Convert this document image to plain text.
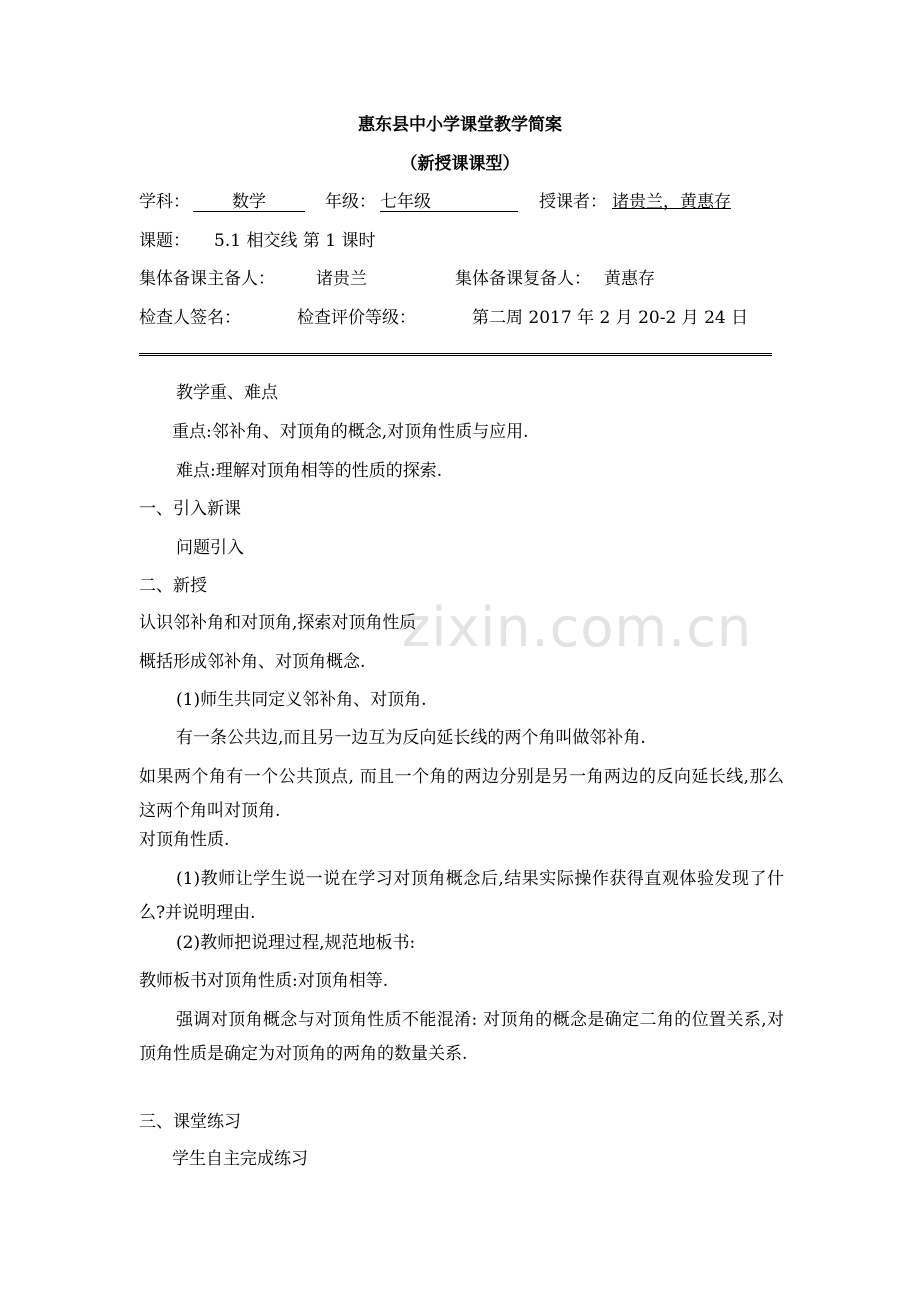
惠东县中小学课堂教学简案
（新授课课型）
学科： 数学	年级： 七年级	授课者： 诸贵兰，黄惠存
课题： 5.1 相交线 第 1 课时
集体备课主备人： 诸贵兰	集体备课复备人： 黄惠存
检查人签名：	检查评价等级：	第二周 2017 年 2 月 20-2 月 24 日
教学重、难点
重点:邻补角、对顶角的概念,对顶角性质与应用.
难点:理解对顶角相等的性质的探索.
一、引入新课
问题引入
二、新授
认识邻补角和对顶角,探索对顶角性质
概括形成邻补角、对顶角概念.
(1)师生共同定义邻补角、对顶角.
有一条公共边,而且另一边互为反向延长线的两个角叫做邻补角.
如果两个角有一个公共顶点, 而且一个角的两边分别是另一角两边的反向延长线,那么这两个角叫对顶角.
对顶角性质.
(1)教师让学生说一说在学习对顶角概念后,结果实际操作获得直观体验发现了什么?并说明理由.
(2)教师把说理过程,规范地板书:
教师板书对顶角性质:对顶角相等.
强调对顶角概念与对顶角性质不能混淆: 对顶角的概念是确定二角的位置关系,对顶角性质是确定为对顶角的两角的数量关系.
三、课堂练习
学生自主完成练习
zixin.com.cn
